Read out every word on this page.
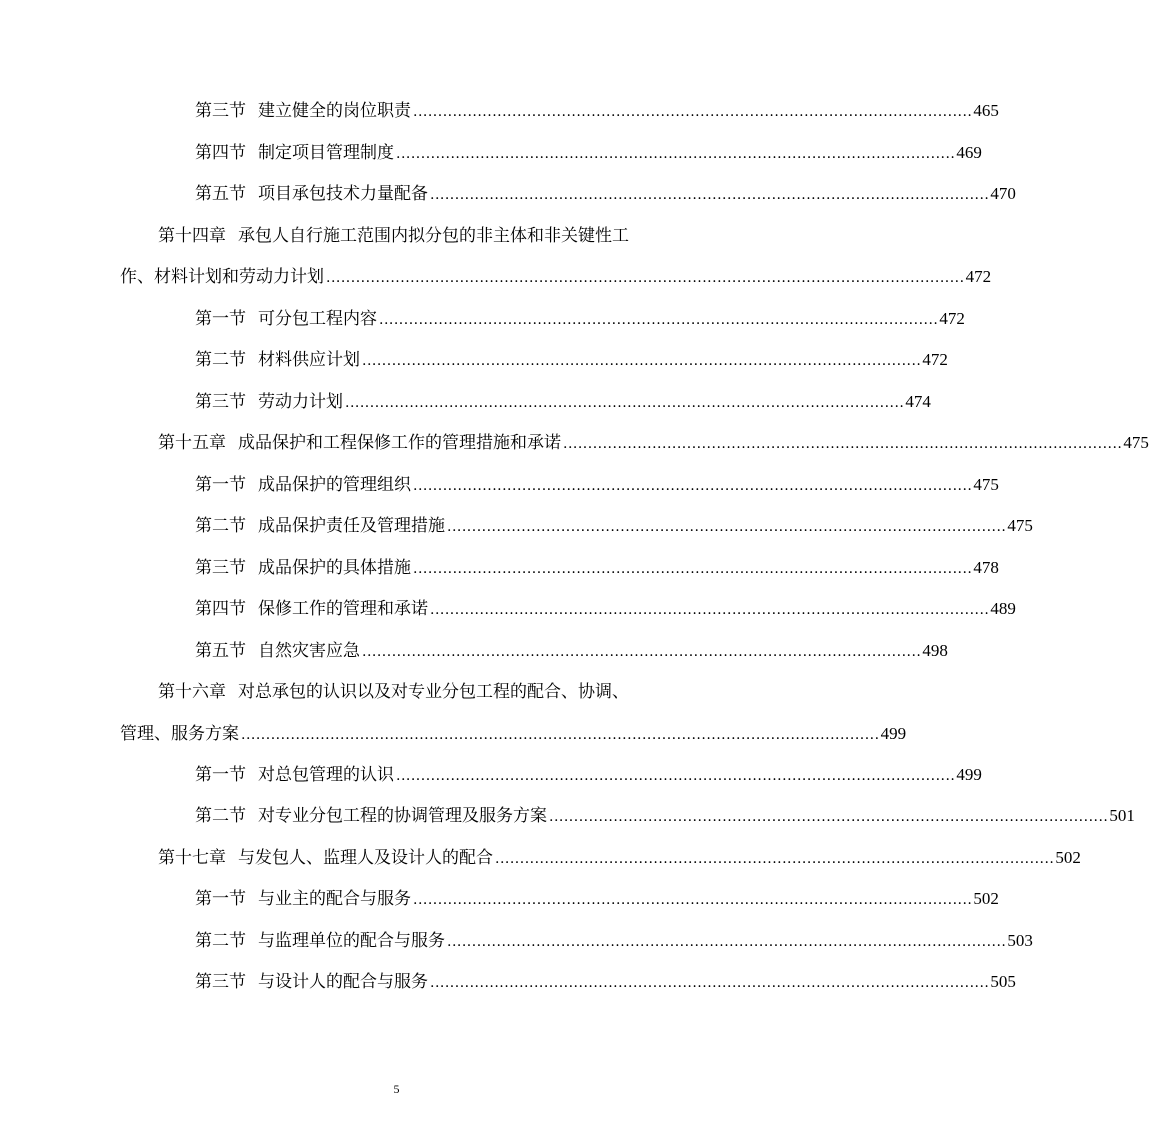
第三节 建立健全的岗位职责 ................................................................................................................. 465
第四节 制定项目管理制度 ................................................................................................................. 469
第五节 项目承包技术力量配备 ................................................................................................................. 470
第十四章 承包人自行施工范围内拟分包的非主体和非关键性工
作、材料计划和劳动力计划 ................................................................................................................................. 472
第一节 可分包工程内容 ................................................................................................................. 472
第二节 材料供应计划 ................................................................................................................. 472
第三节 劳动力计划 ................................................................................................................. 474
第十五章 成品保护和工程保修工作的管理措施和承诺 ................................................................................................................. 475
第一节 成品保护的管理组织 ................................................................................................................. 475
第二节 成品保护责任及管理措施 ................................................................................................................. 475
第三节 成品保护的具体措施 ................................................................................................................. 478
第四节 保修工作的管理和承诺 ................................................................................................................. 489
第五节 自然灾害应急 ................................................................................................................. 498
第十六章 对总承包的认识以及对专业分包工程的配合、协调、
管理、服务方案 ................................................................................................................................. 499
第一节 对总包管理的认识 ................................................................................................................. 499
第二节 对专业分包工程的协调管理及服务方案 ................................................................................................................. 501
第十七章 与发包人、监理人及设计人的配合 ................................................................................................................. 502
第一节 与业主的配合与服务 ................................................................................................................. 502
第二节 与监理单位的配合与服务 ................................................................................................................. 503
第三节 与设计人的配合与服务 ................................................................................................................. 505
5
